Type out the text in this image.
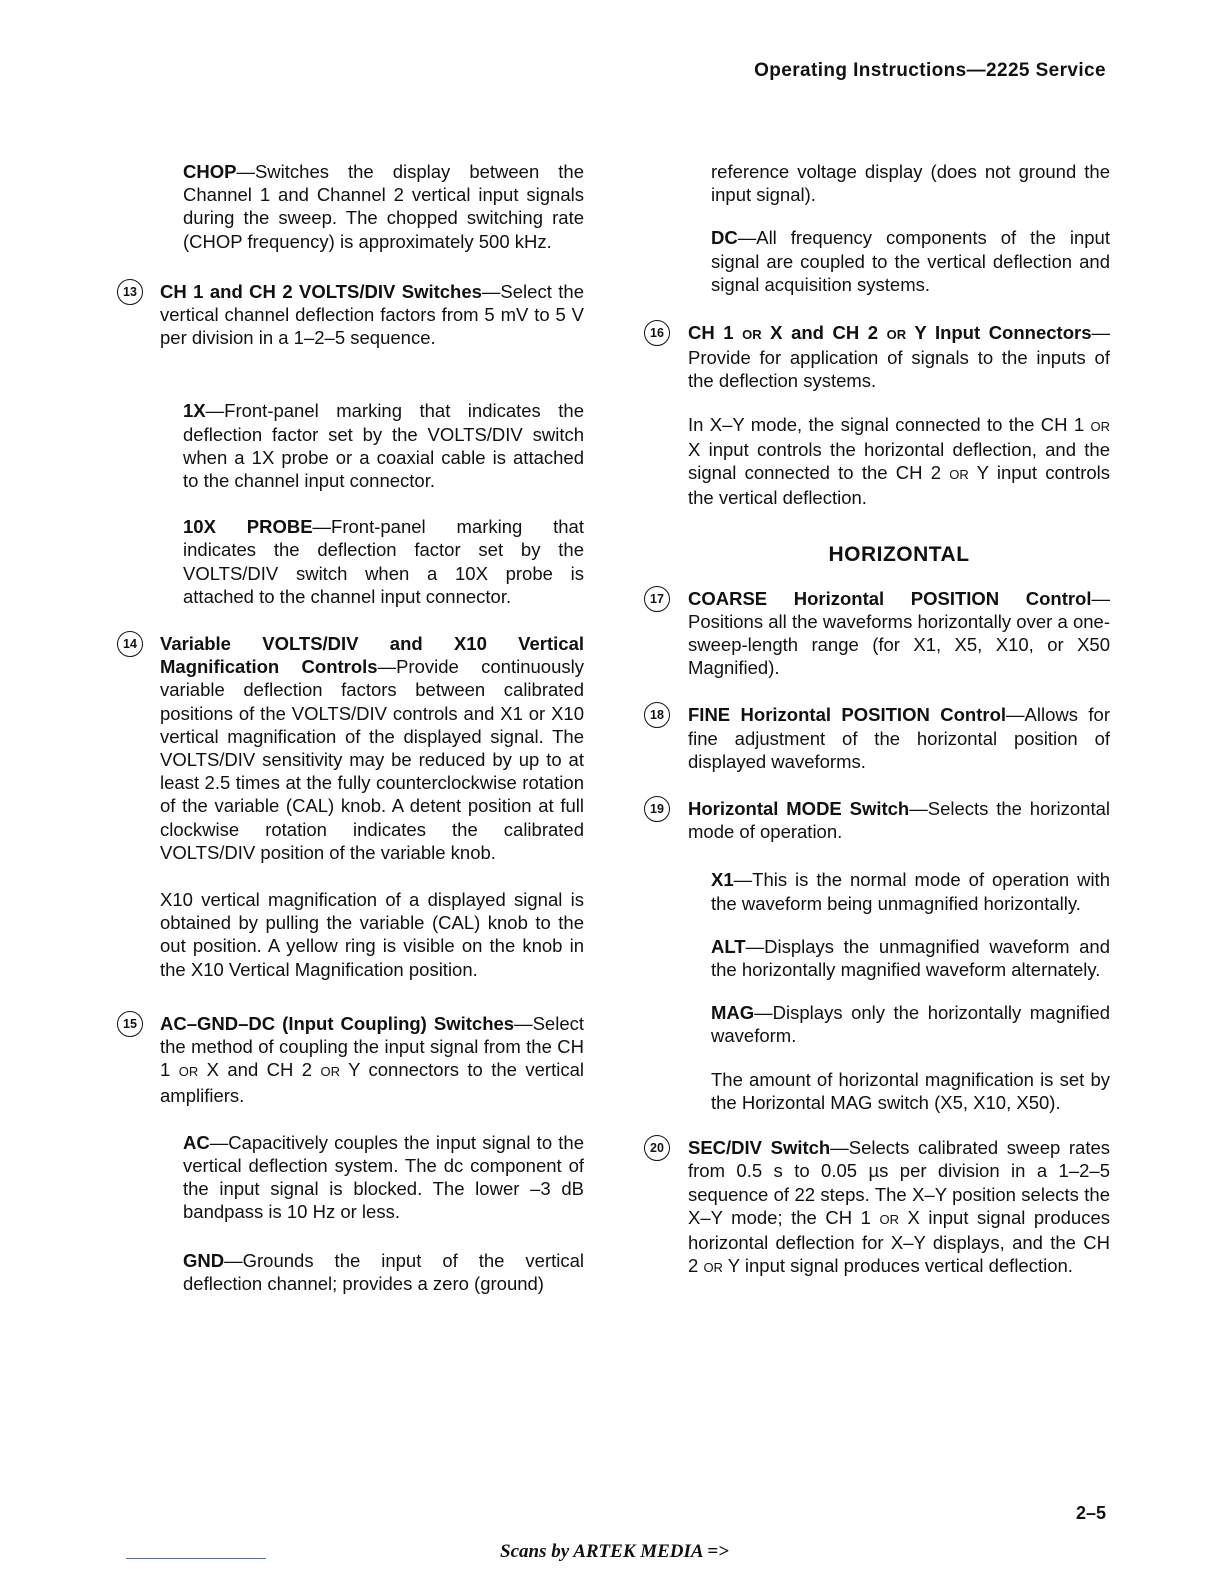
Operating Instructions—2225 Service

CHOP—Switches the display between the Channel 1 and Channel 2 vertical input signals during the sweep. The chopped switching rate (CHOP frequency) is approximately 500 kHz.

13	CH 1 and CH 2 VOLTS/DIV Switches—Select the vertical channel deflection factors from 5 mV to 5 V per division in a 1–2–5 sequence.

1X—Front-panel marking that indicates the deflection factor set by the VOLTS/DIV switch when a 1X probe or a coaxial cable is attached to the channel input connector.

10X PROBE—Front-panel marking that indicates the deflection factor set by the VOLTS/DIV switch when a 10X probe is attached to the channel input connector.

14	Variable VOLTS/DIV and X10 Vertical Magnification Controls—Provide continuously variable deflection factors between calibrated positions of the VOLTS/DIV controls and X1 or X10 vertical magnification of the displayed signal. The VOLTS/DIV sensitivity may be reduced by up to at least 2.5 times at the fully counterclockwise rotation of the variable (CAL) knob. A detent position at full clockwise rotation indicates the calibrated VOLTS/DIV position of the variable knob.

X10 vertical magnification of a displayed signal is obtained by pulling the variable (CAL) knob to the out position. A yellow ring is visible on the knob in the X10 Vertical Magnification position.

15	AC–GND–DC (Input Coupling) Switches—Select the method of coupling the input signal from the CH 1 OR X and CH 2 OR Y connectors to the vertical amplifiers.

AC—Capacitively couples the input signal to the vertical deflection system. The dc component of the input signal is blocked. The lower –3 dB bandpass is 10 Hz or less.

GND—Grounds the input of the vertical deflection channel; provides a zero (ground)

reference voltage display (does not ground the input signal).

DC—All frequency components of the input signal are coupled to the vertical deflection and signal acquisition systems.

16	CH 1 OR X and CH 2 OR Y Input Connectors—Provide for application of signals to the inputs of the deflection systems.

In X–Y mode, the signal connected to the CH 1 OR X input controls the horizontal deflection, and the signal connected to the CH 2 OR Y input controls the vertical deflection.

HORIZONTAL

17	COARSE Horizontal POSITION Control—Positions all the waveforms horizontally over a one-sweep-length range (for X1, X5, X10, or X50 Magnified).

18	FINE Horizontal POSITION Control—Allows for fine adjustment of the horizontal position of displayed waveforms.

19	Horizontal MODE Switch—Selects the horizontal mode of operation.

X1—This is the normal mode of operation with the waveform being unmagnified horizontally.

ALT—Displays the unmagnified waveform and the horizontally magnified waveform alternately.

MAG—Displays only the horizontally magnified waveform.

The amount of horizontal magnification is set by the Horizontal MAG switch (X5, X10, X50).

20	SEC/DIV Switch—Selects calibrated sweep rates from 0.5 s to 0.05 µs per division in a 1–2–5 sequence of 22 steps. The X–Y position selects the X–Y mode; the CH 1 OR X input signal produces horizontal deflection for X–Y displays, and the CH 2 OR Y input signal produces vertical deflection.

2–5
Scans by ARTEK MEDIA =>
